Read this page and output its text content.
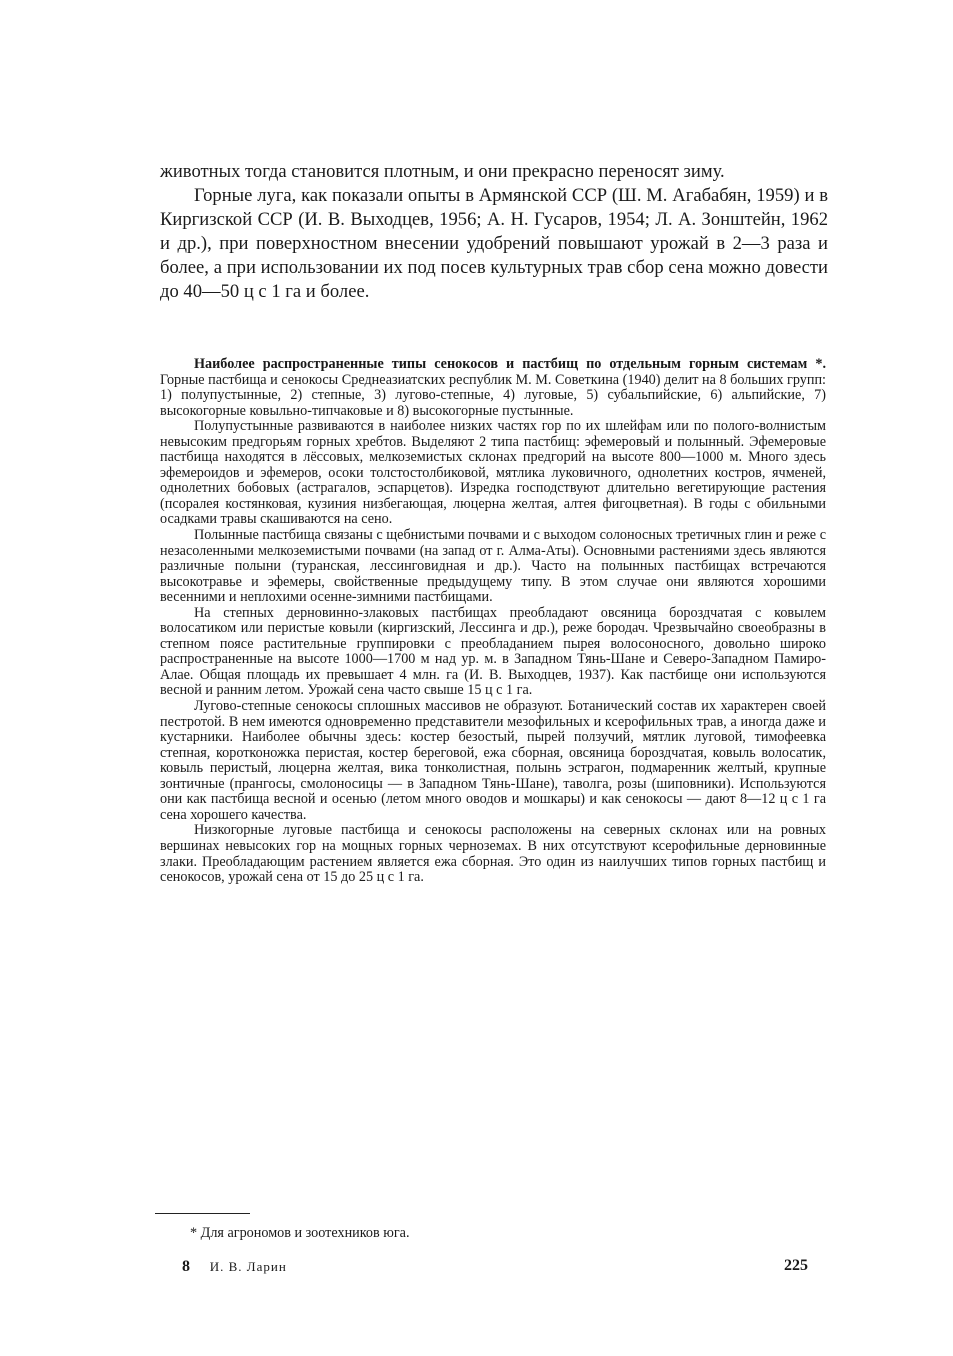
животных тогда становится плотным, и они прекрасно переносят зиму.

Горные луга, как показали опыты в Армянской ССР (Ш. М. Агабабян, 1959) и в Киргизской ССР (И. В. Выходцев, 1956; А. Н. Гусаров, 1954; Л. А. Зонштейн, 1962 и др.), при поверхностном внесении удобрений повышают урожай в 2—3 раза и более, а при использовании их под посев культурных трав сбор сена можно довести до 40—50 ц с 1 га и более.

Наиболее распространенные типы сенокосов и пастбищ по отдельным горным системам *. Горные пастбища и сенокосы Среднеазиатских республик М. М. Советкина (1940) делит на 8 больших групп: 1) полупустынные, 2) степные, 3) лугово-степные, 4) луговые, 5) субальпийские, 6) альпийские, 7) высокогорные ковыльно-типчаковые и 8) высокогорные пустынные.

Полупустынные развиваются в наиболее низких частях гор по их шлейфам или по полого-волнистым невысоким предгорьям горных хребтов. Выделяют 2 типа пастбищ: эфемеровый и полынный. Эфемеровые пастбища находятся в лёссовых, мелкоземистых склонах предгорий на высоте 800—1000 м. Много здесь эфемероидов и эфемеров, осоки толстостолбиковой, мятлика луковичного, однолетних костров, ячменей, однолетних бобовых (астрагалов, эспарцетов). Изредка господствуют длительно вегетирующие растения (псоралея костянковая, кузиния низбегающая, люцерна желтая, алтея фигоцветная). В годы с обильными осадками травы скашиваются на сено.

Полынные пастбища связаны с щебнистыми почвами и с выходом солоносных третичных глин и реже с незасоленными мелкоземистыми почвами (на запад от г. Алма-Аты). Основными растениями здесь являются различные полыни (туранская, лессинговидная и др.). Часто на полынных пастбищах встречаются высокотравье и эфемеры, свойственные предыдущему типу. В этом случае они являются хорошими весенними и неплохими осенне-зимними пастбищами.

На степных дерновинно-злаковых пастбищах преобладают овсяница бороздчатая с ковылем волосатиком или перистые ковыли (киргизский, Лессинга и др.), реже бородач. Чрезвычайно своеобразны в степном поясе растительные группировки с преобладанием пырея волосоносного, довольно широко распространенные на высоте 1000—1700 м над ур. м. в Западном Тянь-Шане и Северо-Западном Памиро-Алае. Общая площадь их превышает 4 млн. га (И. В. Выходцев, 1937). Как пастбище они используются весной и ранним летом. Урожай сена часто свыше 15 ц с 1 га.

Лугово-степные сенокосы сплошных массивов не образуют. Ботанический состав их характерен своей пестротой. В нем имеются одновременно представители мезофильных и ксерофильных трав, а иногда даже и кустарники. Наиболее обычны здесь: костер безостый, пырей ползучий, мятлик луговой, тимофеевка степная, коротконожка перистая, костер береговой, ежа сборная, овсяница бороздчатая, ковыль волосатик, ковыль перистый, люцерна желтая, вика тонколистная, полынь эстрагон, подмаренник желтый, крупные зонтичные (прангосы, смолоносицы — в Западном Тянь-Шане), таволга, розы (шиповники). Используются они как пастбища весной и осенью (летом много оводов и мошкары) и как сенокосы — дают 8—12 ц с 1 га сена хорошего качества.

Низкогорные луговые пастбища и сенокосы расположены на северных склонах или на ровных вершинах невысоких гор на мощных горных черноземах. В них отсутствуют ксерофильные дерновинные злаки. Преобладающим растением является ежа сборная. Это один из наилучших типов горных пастбищ и сенокосов, урожай сена от 15 до 25 ц с 1 га.

* Для агрономов и зоотехников юга.
8 И. В. Ларин	225
